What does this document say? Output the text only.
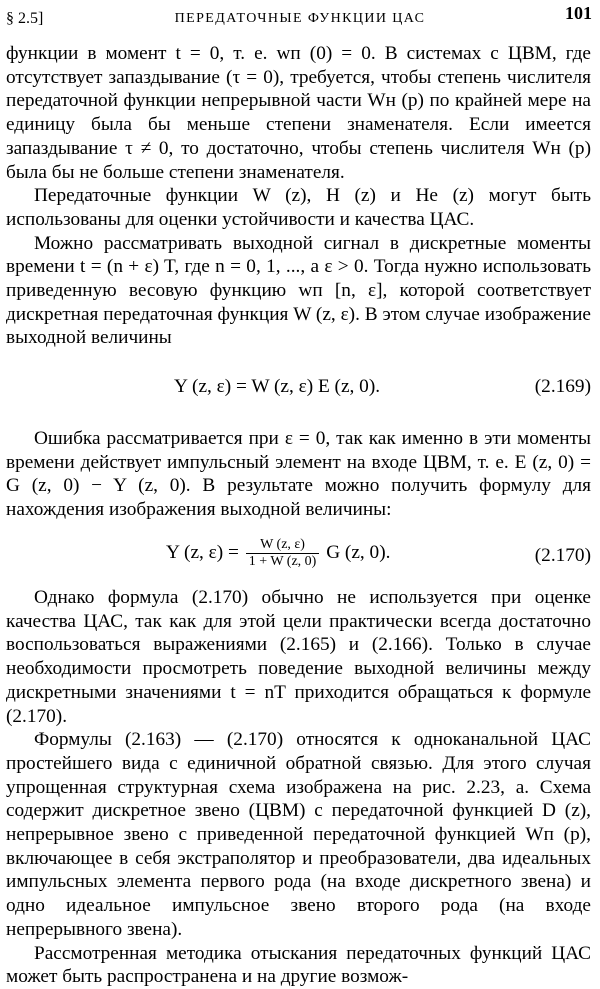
§ 2.5]	ПЕРЕДАТОЧНЫЕ ФУНКЦИИ ЦАС	101

функции в момент t = 0, т. е. wп (0) = 0. В системах с ЦВМ, где отсутствует запаздывание (τ = 0), требуется, чтобы степень числителя передаточной функции непрерывной части Wн (p) по крайней мере на единицу была бы меньше степени знаменателя. Если имеется запаздывание τ ≠ 0, то достаточно, чтобы степень числителя Wн (p) была бы не больше степени знаменателя.

Передаточные функции W (z), H (z) и He (z) могут быть использованы для оценки устойчивости и качества ЦАС.

Можно рассматривать выходной сигнал в дискретные моменты времени t = (n + ε) T, где n = 0, 1, ..., а ε > 0. Тогда нужно использовать приведенную весовую функцию wп [n, ε], которой соответствует дискретная передаточная функция W (z, ε). В этом случае изображение выходной величины

Y (z, ε) = W (z, ε) E (z, 0).	(2.169)

Ошибка рассматривается при ε = 0, так как именно в эти моменты времени действует импульсный элемент на входе ЦВМ, т. е. E (z, 0) = G (z, 0) − Y (z, 0). В результате можно получить формулу для нахождения изображения выходной величины:

Y (z, $\varepsilon) = \frac{W (z, \varepsilon)}{1 + W (z, 0)}$ G (z, 0).	(2.170)

Однако формула (2.170) обычно не используется при оценке качества ЦАС, так как для этой цели практически всегда достаточно воспользоваться выражениями (2.165) и (2.166). Только в случае необходимости просмотреть поведение выходной величины между дискретными значениями t = nT приходится обращаться к формуле (2.170).

Формулы (2.163) — (2.170) относятся к одноканальной ЦАС простейшего вида с единичной обратной связью. Для этого случая упрощенная структурная схема изображена на рис. 2.23, а. Схема содержит дискретное звено (ЦВМ) с передаточной функцией D (z), непрерывное звено с приведенной передаточной функцией Wп (p), включающее в себя экстраполятор и преобразователи, два идеальных импульсных элемента первого рода (на входе дискретного звена) и одно идеальное импульсное звено второго рода (на входе непрерывного звена).

Рассмотренная методика отыскания передаточных функций ЦАС может быть распространена и на другие возмож-
